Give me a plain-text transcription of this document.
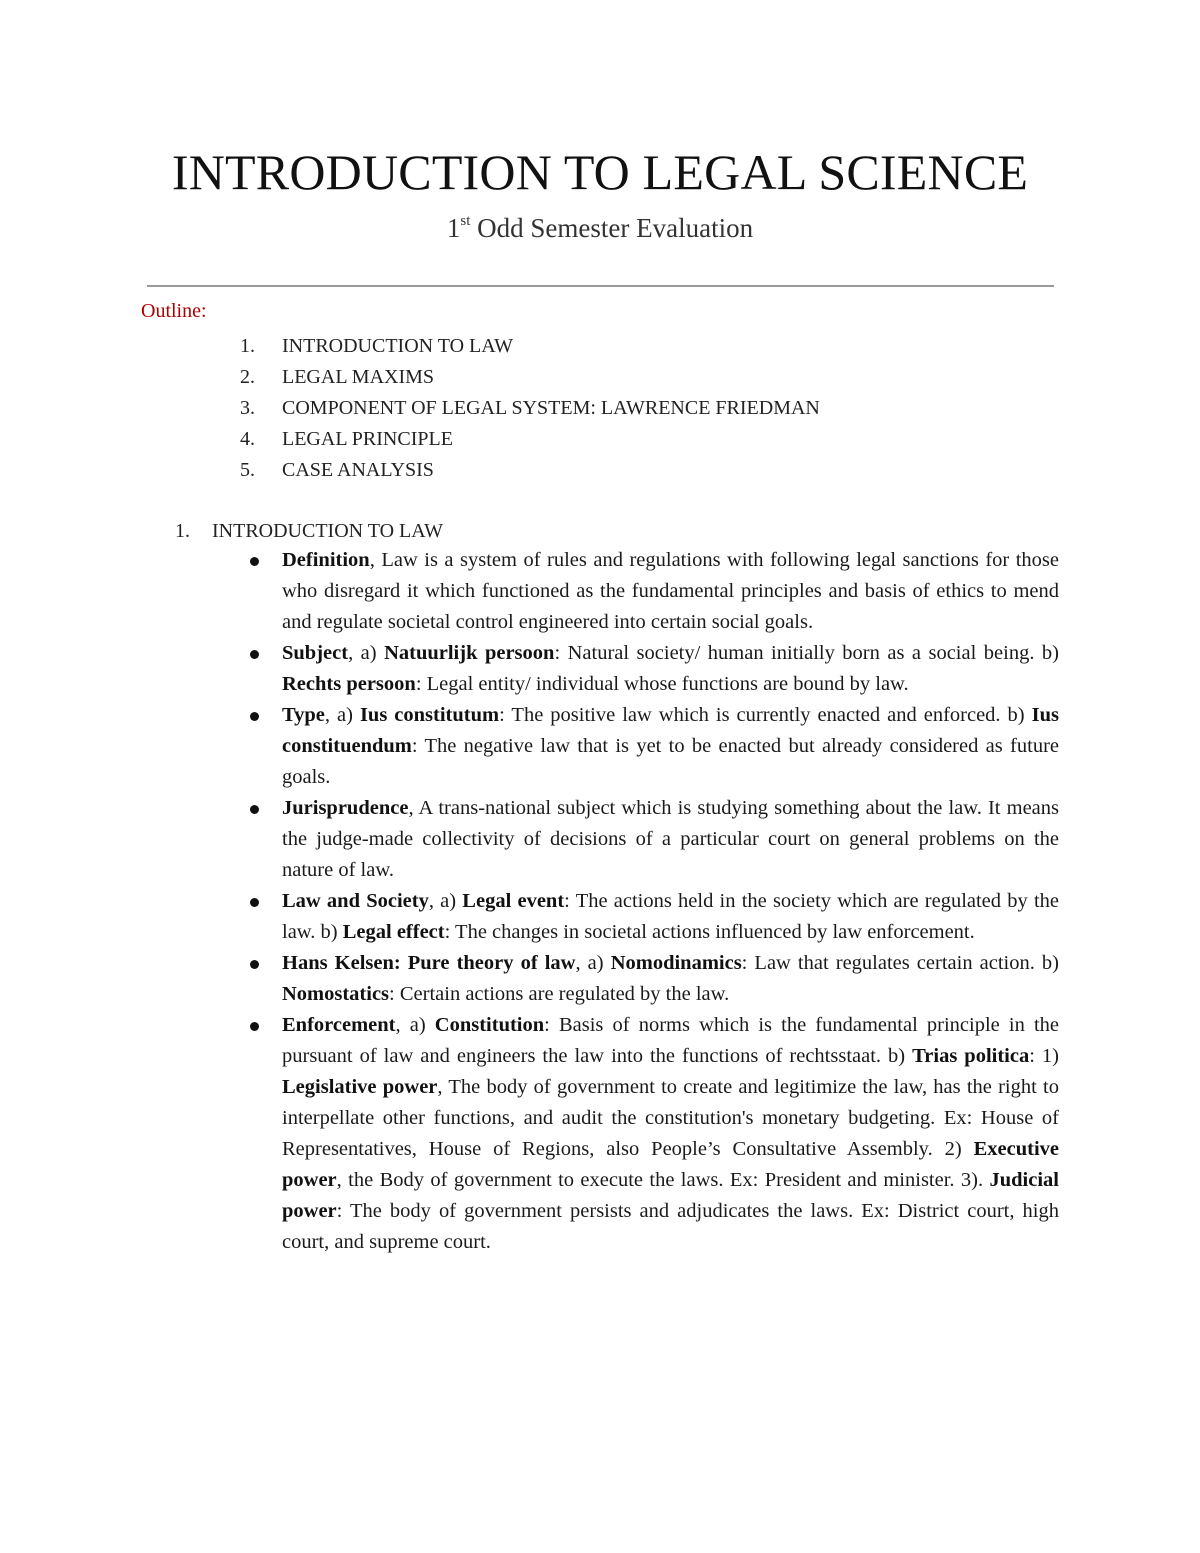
INTRODUCTION TO LEGAL SCIENCE
1st Odd Semester Evaluation
Outline:
1. INTRODUCTION TO LAW
2. LEGAL MAXIMS
3. COMPONENT OF LEGAL SYSTEM: LAWRENCE FRIEDMAN
4. LEGAL PRINCIPLE
5. CASE ANALYSIS
1. INTRODUCTION TO LAW
Definition, Law is a system of rules and regulations with following legal sanctions for those who disregard it which functioned as the fundamental principles and basis of ethics to mend and regulate societal control engineered into certain social goals.
Subject, a) Natuurlijk persoon: Natural society/ human initially born as a social being. b) Rechts persoon: Legal entity/ individual whose functions are bound by law.
Type, a) Ius constitutum: The positive law which is currently enacted and enforced. b) Ius constituendum: The negative law that is yet to be enacted but already considered as future goals.
Jurisprudence, A trans-national subject which is studying something about the law. It means the judge-made collectivity of decisions of a particular court on general problems on the nature of law.
Law and Society, a) Legal event: The actions held in the society which are regulated by the law. b) Legal effect: The changes in societal actions influenced by law enforcement.
Hans Kelsen: Pure theory of law, a) Nomodinamics: Law that regulates certain action. b) Nomostatics: Certain actions are regulated by the law.
Enforcement, a) Constitution: Basis of norms which is the fundamental principle in the pursuant of law and engineers the law into the functions of rechtsstaat. b) Trias politica: 1) Legislative power, The body of government to create and legitimize the law, has the right to interpellate other functions, and audit the constitution's monetary budgeting. Ex: House of Representatives, House of Regions, also People’s Consultative Assembly. 2) Executive power, the Body of government to execute the laws. Ex: President and minister. 3). Judicial power: The body of government persists and adjudicates the laws. Ex: District court, high court, and supreme court.
